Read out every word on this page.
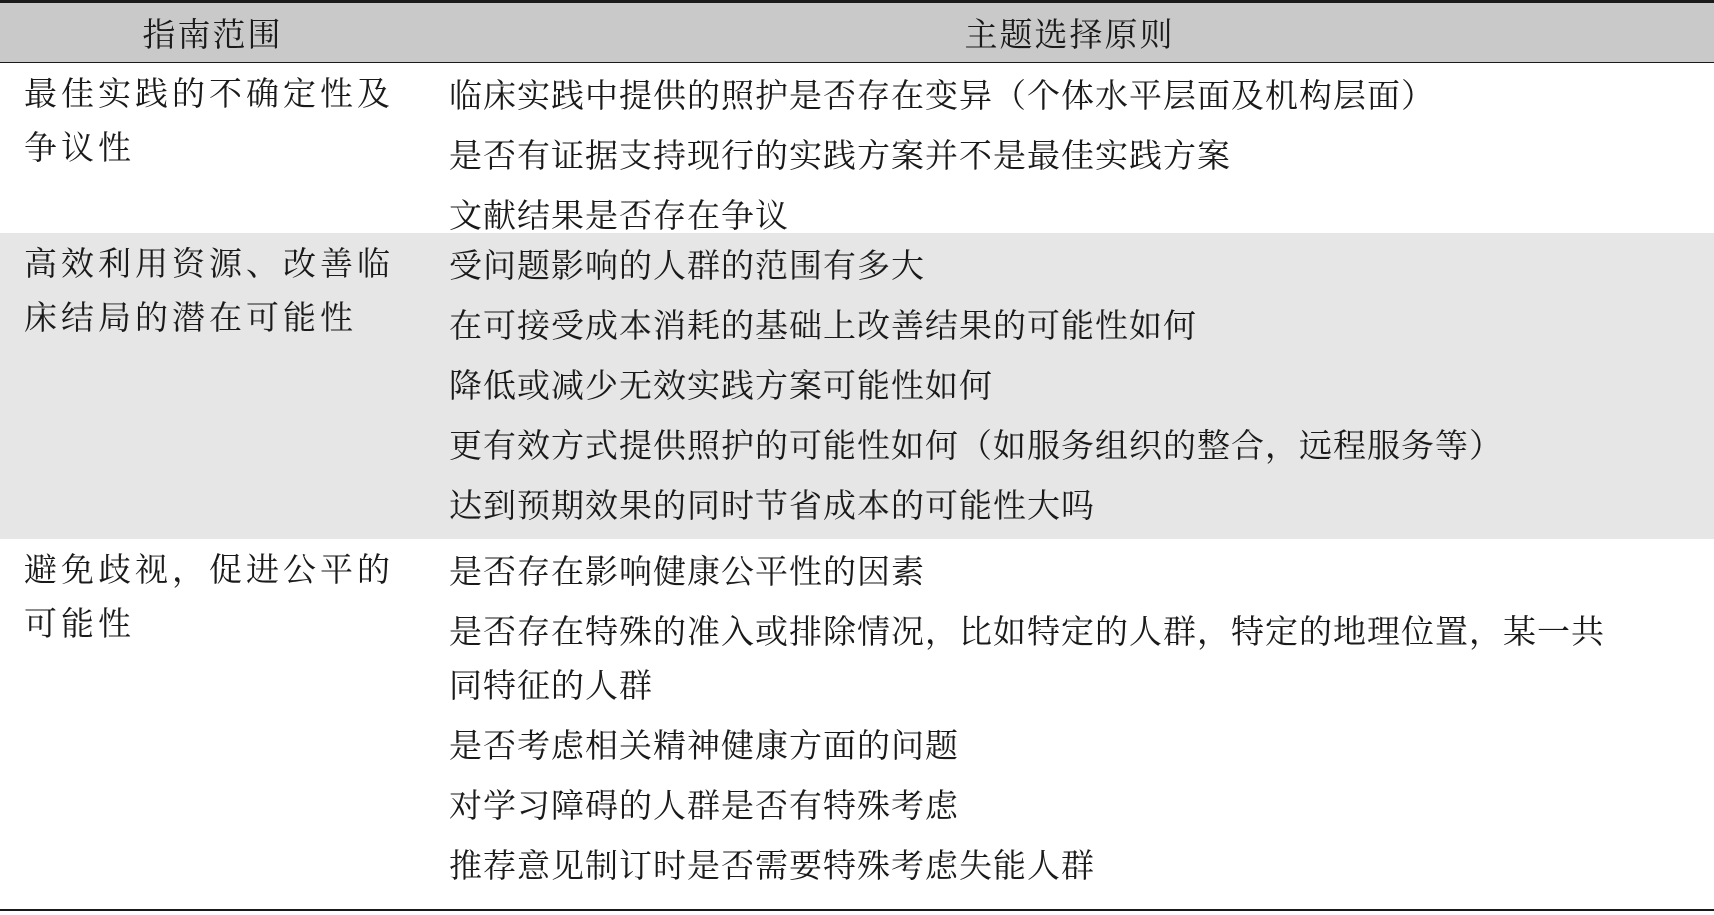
指南范围	主题选择原则
最佳实践的不确定性及
争议性
临床实践中提供的照护是否存在变异（个体水平层面及机构层面）
是否有证据支持现行的实践方案并不是最佳实践方案
文献结果是否存在争议
高效利用资源、改善临
床结局的潜在可能性
受问题影响的人群的范围有多大
在可接受成本消耗的基础上改善结果的可能性如何
降低或减少无效实践方案可能性如何
更有效方式提供照护的可能性如何（如服务组织的整合，远程服务等）
达到预期效果的同时节省成本的可能性大吗
避免歧视，促进公平的
可能性
是否存在影响健康公平性的因素
是否存在特殊的准入或排除情况，比如特定的人群，特定的地理位置，某一共
同特征的人群
是否考虑相关精神健康方面的问题
对学习障碍的人群是否有特殊考虑
推荐意见制订时是否需要特殊考虑失能人群
